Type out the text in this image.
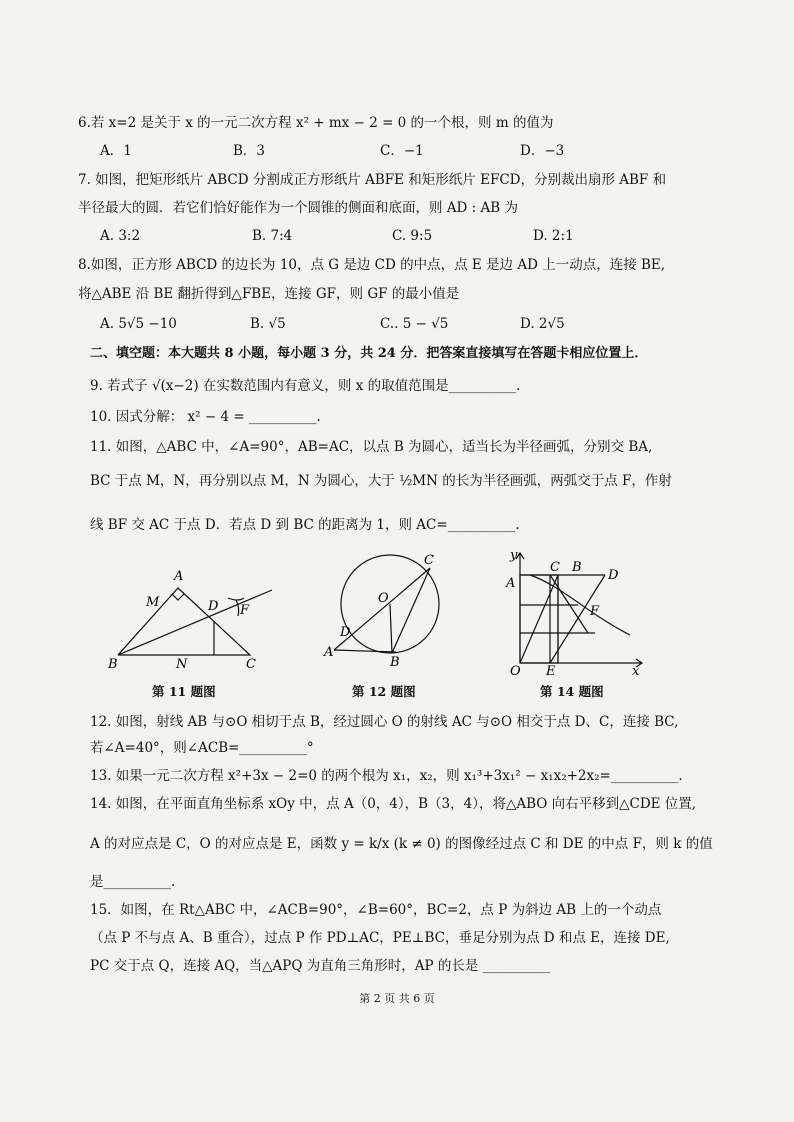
6.若 x=2 是关于 x 的一元二次方程 x² + mx − 2 = 0 的一个根，则 m 的值为
A．1	B．3	C．−1	D．−3
7. 如图，把矩形纸片 ABCD 分割成正方形纸片 ABFE 和矩形纸片 EFCD，分别裁出扇形 ABF 和
半径最大的圆．若它们恰好能作为一个圆锥的侧面和底面，则 AD : AB 为
A. 3:2	B. 7:4	C. 9:5	D. 2:1
8.如图，正方形 ABCD 的边长为 10，点 G 是边 CD 的中点，点 E 是边 AD 上一动点，连接 BE,
将△ABE 沿 BE 翻折得到△FBE，连接 GF，则 GF 的最小值是
A. 5√5 −10	B. √5	C.. 5 − √5	D. 2√5
二、填空题：本大题共 8 小题，每小题 3 分，共 24 分．把答案直接填写在答题卡相应位置上．
9. 若式子 √(x−2) 在实数范围内有意义，则 x 的取值范围是__________.
10. 因式分解： x² − 4 = __________.
11. 如图，△ABC 中，∠A=90°，AB=AC，以点 B 为圆心，适当长为半径画弧，分别交 BA,
BC 于点 M，N，再分别以点 M，N 为圆心，大于 ½MN 的长为半径画弧，两弧交于点 F，作射
线 BF 交 AC 于点 D．若点 D 到 BC 的距离为 1，则 AC=__________.
A
M	D F
B	N	C
第 11 题图
C
O
D
A
B
第 12 题图
y
C B
D
A
F
O E	x
第 14 题图
12. 如图，射线 AB 与⊙O 相切于点 B，经过圆心 O 的射线 AC 与⊙O 相交于点 D、C，连接 BC,
若∠A=40°，则∠ACB=__________°
13. 如果一元二次方程 x²+3x − 2=0 的两个根为 x₁，x₂，则 x₁³+3x₁² − x₁x₂+2x₂=__________.
14. 如图，在平面直角坐标系 xOy 中，点 A（0，4），B（3，4），将△ABO 向右平移到△CDE 位置,
A 的对应点是 C，O 的对应点是 E，函数 y = k/x (k ≠ 0) 的图像经过点 C 和 DE 的中点 F，则 k 的值
是__________.
15．如图，在 Rt△ABC 中，∠ACB=90°，∠B=60°，BC=2，点 P 为斜边 AB 上的一个动点
（点 P 不与点 A、B 重合），过点 P 作 PD⊥AC，PE⊥BC，垂足分别为点 D 和点 E，连接 DE,
PC 交于点 Q，连接 AQ，当△APQ 为直角三角形时，AP 的长是 __________
第 2 页 共 6 页
